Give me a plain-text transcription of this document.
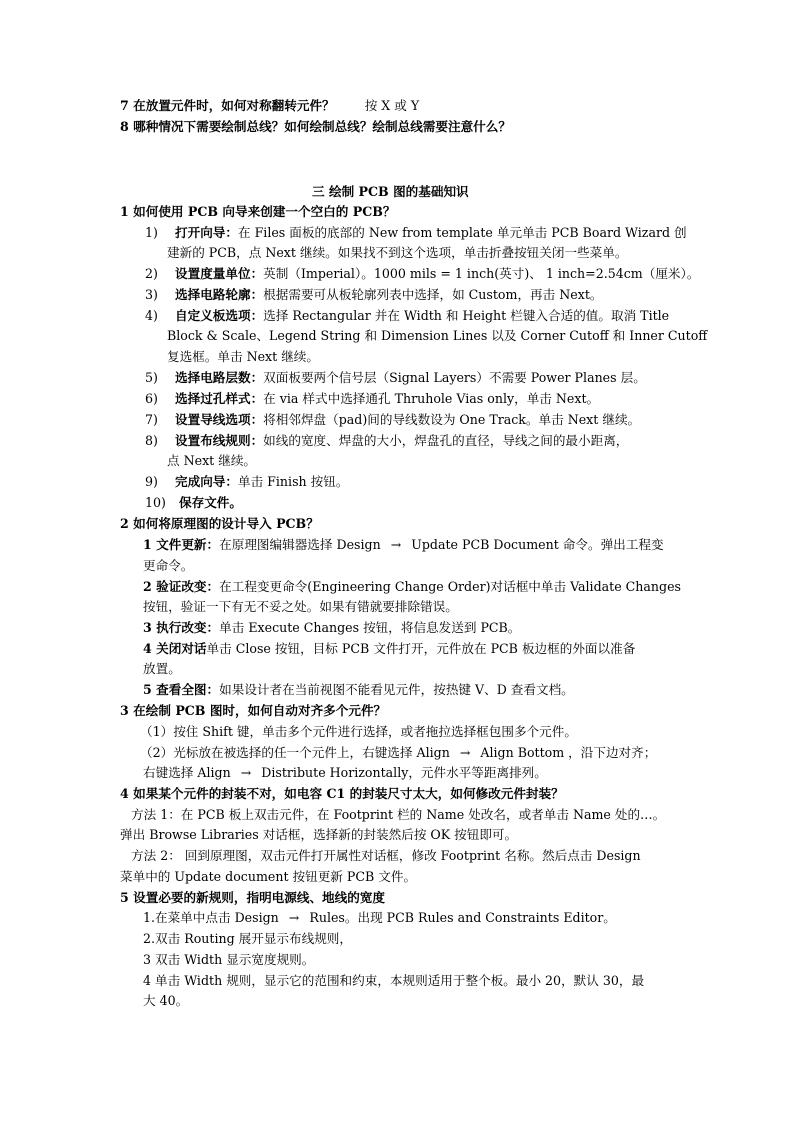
7 在放置元件时，如何对称翻转元件？ 按 X 或 Y
8 哪种情况下需要绘制总线？如何绘制总线？绘制总线需要注意什么？
三 绘制 PCB 图的基础知识
1 如何使用 PCB 向导来创建一个空白的 PCB？
1) 打开向导：在 Files 面板的底部的 New from template 单元单击 PCB Board Wizard 创
建新的 PCB，点 Next 继续。如果找不到这个选项，单击折叠按钮关闭一些菜单。
2) 设置度量单位：英制（Imperial）。1000 mils = 1 inch(英寸)、 1 inch=2.54cm（厘米）。
3) 选择电路轮廓：根据需要可从板轮廓列表中选择，如 Custom，再击 Next。
4) 自定义板选项：选择 Rectangular 并在 Width 和 Height 栏键入合适的值。取消 Title
Block & Scale、Legend String 和 Dimension Lines 以及 Corner Cutoff 和 Inner Cutoff
复选框。单击 Next 继续。
5) 选择电路层数：双面板要两个信号层（Signal Layers）不需要 Power Planes 层。
6) 选择过孔样式：在 via 样式中选择通孔 Thruhole Vias only，单击 Next。
7) 设置导线选项：将相邻焊盘（pad)间的导线数设为 One Track。单击 Next 继续。
8) 设置布线规则：如线的宽度、焊盘的大小，焊盘孔的直径，导线之间的最小距离，
点 Next 继续。
9) 完成向导：单击 Finish 按钮。
10) 保存文件。
2 如何将原理图的设计导入 PCB？
1 文件更新：在原理图编辑器选择 Design → Update PCB Document 命令。弹出工程变
更命令。
2 验证改变：在工程变更命令(Engineering Change Order)对话框中单击 Validate Changes
按钮，验证一下有无不妥之处。如果有错就要排除错误。
3 执行改变：单击 Execute Changes 按钮，将信息发送到 PCB。
4 关闭对话单击 Close 按钮，目标 PCB 文件打开，元件放在 PCB 板边框的外面以准备
放置。
5 查看全图：如果设计者在当前视图不能看见元件，按热键 V、D 查看文档。
3 在绘制 PCB 图时，如何自动对齐多个元件？
（1）按住 Shift 键，单击多个元件进行选择，或者拖拉选择框包围多个元件。
（2）光标放在被选择的任一个元件上，右键选择 Align → Align Bottom ，沿下边对齐；
右键选择 Align → Distribute Horizontally，元件水平等距离排列。
4 如果某个元件的封装不对，如电容 C1 的封装尺寸太大，如何修改元件封装？
方法 1：在 PCB 板上双击元件，在 Footprint 栏的 Name 处改名，或者单击 Name 处的…。
弹出 Browse Libraries 对话框，选择新的封装然后按 OK 按钮即可。
方法 2： 回到原理图，双击元件打开属性对话框，修改 Footprint 名称。然后点击 Design
菜单中的 Update document 按钮更新 PCB 文件。
5 设置必要的新规则，指明电源线、地线的宽度
1.在菜单中点击 Design → Rules。出现 PCB Rules and Constraints Editor。
2.双击 Routing 展开显示布线规则，
3 双击 Width 显示宽度规则。
4 单击 Width 规则，显示它的范围和约束，本规则适用于整个板。最小 20，默认 30，最
大 40。
